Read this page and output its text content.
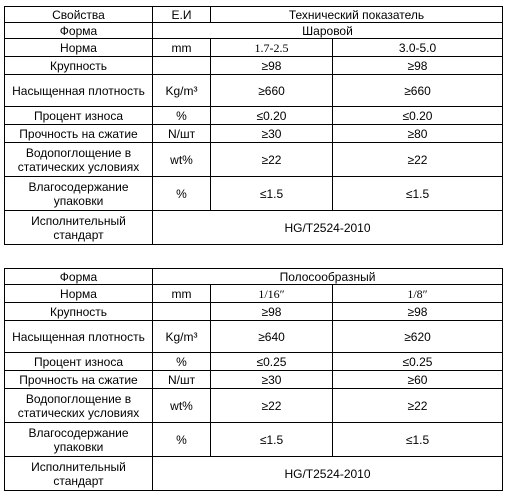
Свойства	Е.И	Технический показатель	
Форма	Шаровой		
Норма	mm	1.7-2.5	3.0-5.0
Крупность		≥98	≥98
Насыщенная плотность	Kg/m³	≥660	≥660
Процент износа	%	≤0.20	≤0.20
Прочность на сжатие	N/шт	≥30	≥80
Водопоглощение в статических условиях	wt%	≥22	≥22
Влагосодержание упаковки	%	≤1.5	≤1.5
Исполнительный стандарт	HG/T2524-2010		
Форма	Полосообразный		
Норма	mm	1/16″	1/8″
Крупность		≥98	≥98
Насыщенная плотность	Kg/m³	≥640	≥620
Процент износа	%	≤0.25	≤0.25
Прочность на сжатие	N/шт	≥30	≥60
Водопоглощение в статических условиях	wt%	≥22	≥22
Влагосодержание упаковки	%	≤1.5	≤1.5
Исполнительный стандарт	HG/T2524-2010		
